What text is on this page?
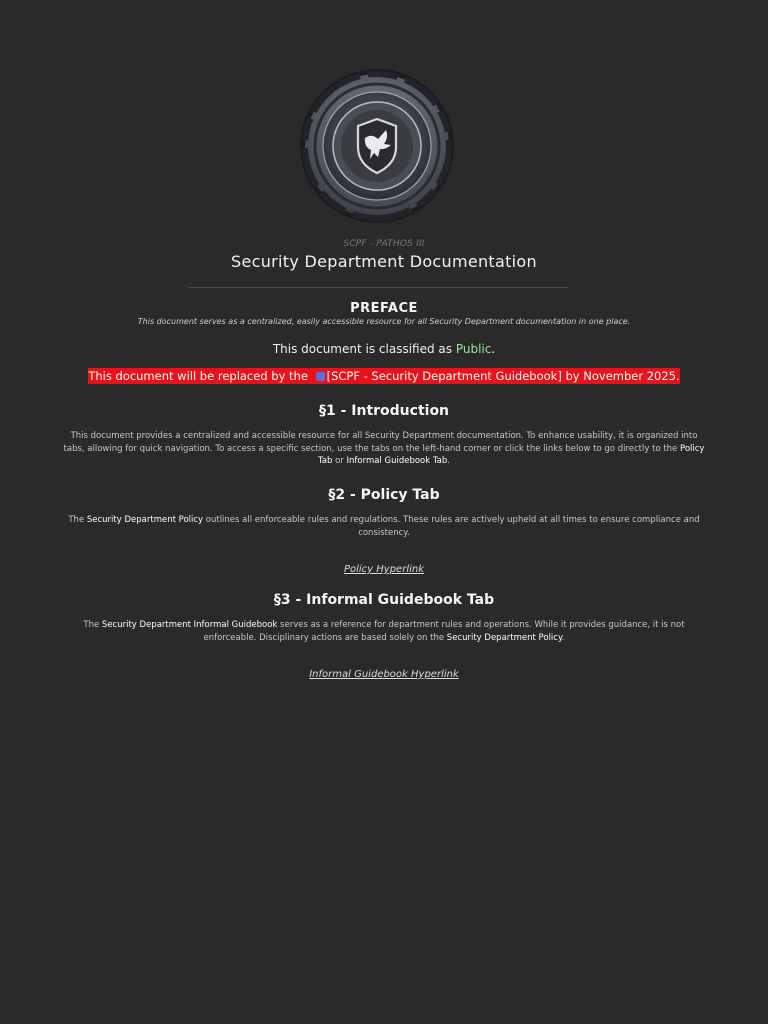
SCPF - PATHOS III
Security Department Documentation
PREFACE
This document serves as a centralized, easily accessible resource for all Security Department documentation in one place.
This document is classified as Public.
This document will be replaced by the [SCPF - Security Department Guidebook] by November 2025.
§1 - Introduction
This document provides a centralized and accessible resource for all Security Department documentation. To enhance usability, it is organized into tabs, allowing for quick navigation. To access a specific section, use the tabs on the left-hand corner or click the links below to go directly to the Policy Tab or Informal Guidebook Tab.
§2 - Policy Tab
The Security Department Policy outlines all enforceable rules and regulations. These rules are actively upheld at all times to ensure compliance and consistency.
Policy Hyperlink
§3 - Informal Guidebook Tab
The Security Department Informal Guidebook serves as a reference for department rules and operations. While it provides guidance, it is not enforceable. Disciplinary actions are based solely on the Security Department Policy.
Informal Guidebook Hyperlink
